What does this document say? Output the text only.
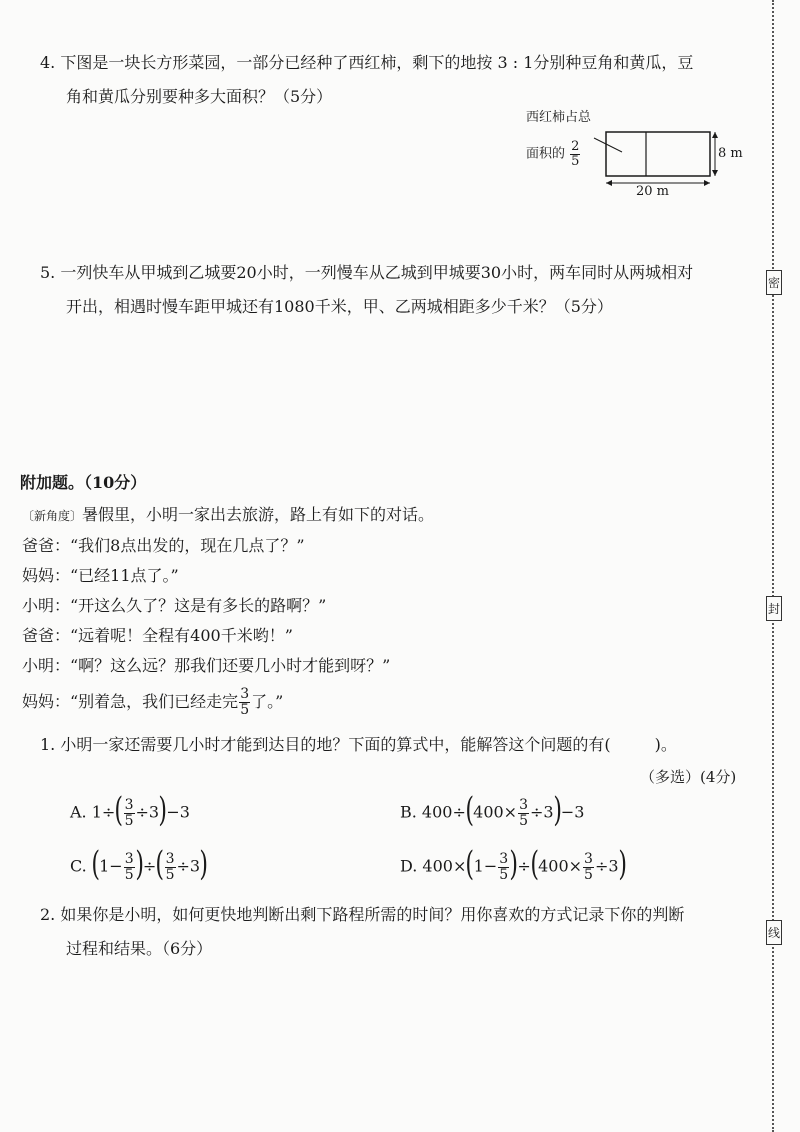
密
封
线
4. 下图是一块长方形菜园，一部分已经种了西红柿，剩下的地按 3 : 1分别种豆角和黄瓜，豆
角和黄瓜分别要种多大面积？（5分）
西红柿占总
面积的 $\frac{2}{5}$	8 m
20 m
5. 一列快车从甲城到乙城要20小时，一列慢车从乙城到甲城要30小时，两车同时从两城相对
开出，相遇时慢车距甲城还有1080千米，甲、乙两城相距多少千米？（5分）
附加题。（10分）
〔新角度〕暑假里，小明一家出去旅游，路上有如下的对话。
爸爸：“我们8点出发的，现在几点了？”
妈妈：“已经11点了。”
小明：“开这么久了？这是有多长的路啊？”
爸爸：“远着呢！全程有400千米哟！”
小明：“啊？这么远？那我们还要几小时才能到呀？”
妈妈：“别着急，我们已经走完 $\frac{3}{5}$ 了。”
1. 小明一家还需要几小时才能到达目的地？下面的算式中，能解答这个问题的有(	)。
（多选）(4分)
A. $1\div( \frac{3}{5} \div 3)-3$	B. $400\div(400\times \frac{3}{5} \div 3)-3$
C. ($1- \frac{3}{5}$ )÷( $\frac{3}{5} \div 3$)	D. $400\times(1- \frac{3}{5} )\div(400\times \frac{3}{5} \div 3)$
2. 如果你是小明，如何更快地判断出剩下路程所需的时间？用你喜欢的方式记录下你的判断
过程和结果。（6分）
